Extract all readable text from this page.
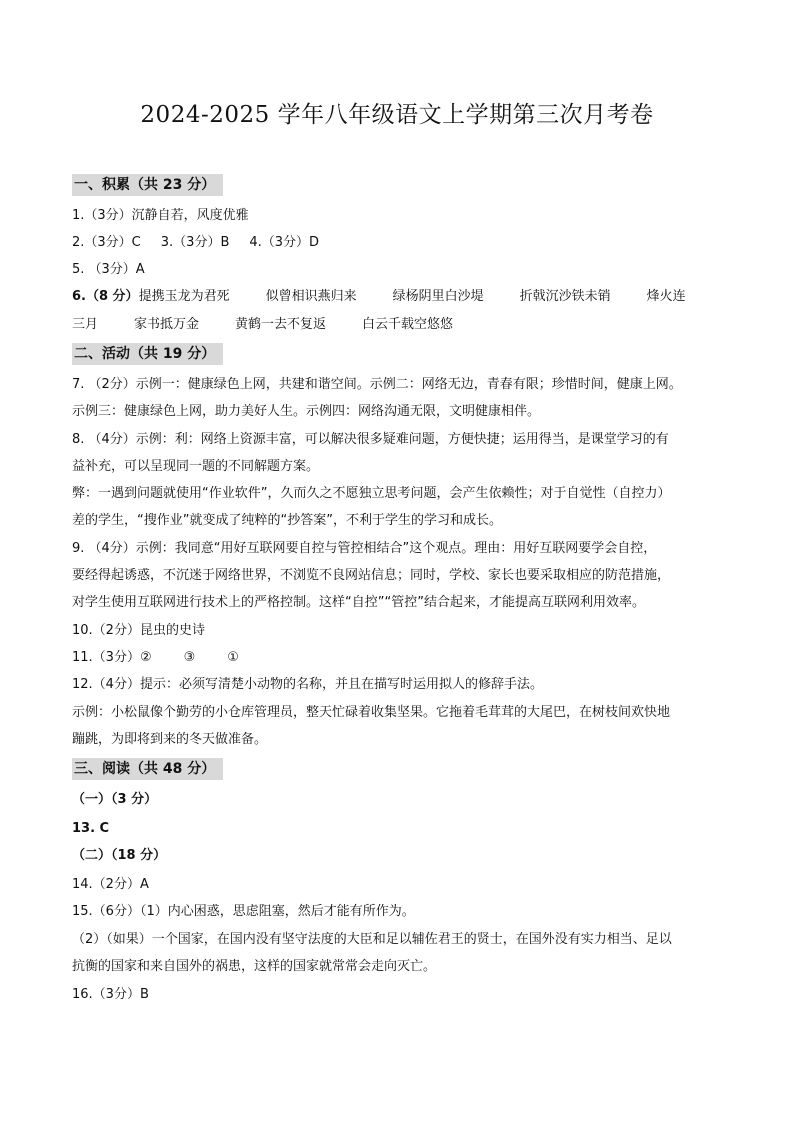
2024-2025 学年八年级语文上学期第三次月考卷
一、积累（共 23 分）
1.（3分）沉静自若，风度优雅
2.（3分）C 3.（3分）B 4.（3分）D
5. （3分）A
6.（8 分）提携玉龙为君死	似曾相识燕归来	绿杨阴里白沙堤	折戟沉沙铁未销	烽火连
三月	家书抵万金	黄鹤一去不复返	白云千载空悠悠
二、活动（共 19 分）
7. （2分）示例一：健康绿色上网，共建和谐空间。示例二：网络无边，青春有限；珍惜时间，健康上网。
示例三：健康绿色上网，助力美好人生。示例四：网络沟通无限，文明健康相伴。
8. （4分）示例：利：网络上资源丰富，可以解决很多疑难问题，方便快捷；运用得当，是课堂学习的有
益补充，可以呈现同一题的不同解题方案。
弊：一遇到问题就使用“作业软件”，久而久之不愿独立思考问题，会产生依赖性；对于自觉性（自控力）
差的学生，“搜作业”就变成了纯粹的“抄答案”，不利于学生的学习和成长。
9. （4分）示例：我同意“用好互联网要自控与管控相结合”这个观点。理由：用好互联网要学会自控，
要经得起诱惑，不沉迷于网络世界，不浏览不良网站信息；同时，学校、家长也要采取相应的防范措施，
对学生使用互联网进行技术上的严格控制。这样“自控”“管控”结合起来，才能提高互联网利用效率。
10.（2分）昆虫的史诗
11.（3分）② ③ ①
12.（4分）提示：必须写清楚小动物的名称，并且在描写时运用拟人的修辞手法。
示例：小松鼠像个勤劳的小仓库管理员，整天忙碌着收集坚果。它拖着毛茸茸的大尾巴，在树枝间欢快地
蹦跳，为即将到来的冬天做准备。
三、阅读（共 48 分）
（一）（3 分）
13. C
（二）（18 分）
14.（2分）A
15.（6分）（1）内心困惑，思虑阻塞，然后才能有所作为。
（2）（如果）一个国家，在国内没有坚守法度的大臣和足以辅佐君王的贤士，在国外没有实力相当、足以
抗衡的国家和来自国外的祸患，这样的国家就常常会走向灭亡。
16.（3分）B
